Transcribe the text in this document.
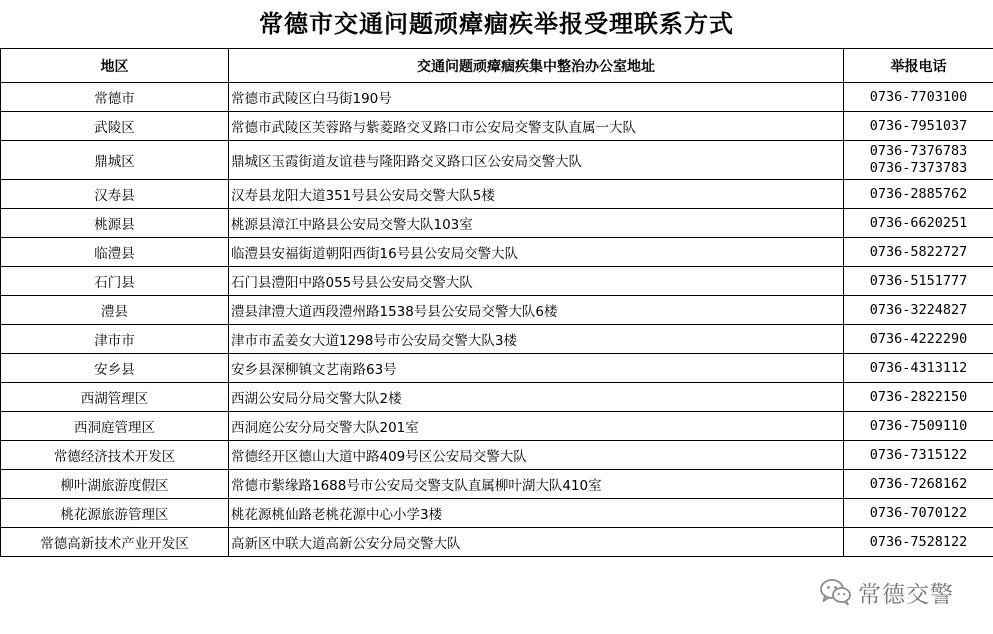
常德市交通问题顽瘴痼疾举报受理联系方式
地区	交通问题顽瘴痼疾集中整治办公室地址	举报电话
常德市	常德市武陵区白马街190号	0736-7703100

武陵区	常德市武陵区芙蓉路与紫菱路交叉路口市公安局交警支队直属一大队	0736-7951037

鼎城区	鼎城区玉霞街道友谊巷与隆阳路交叉路口区公安局交警大队	0736-7376783
0736-7373783

汉寿县	汉寿县龙阳大道351号县公安局交警大队5楼	0736-2885762

桃源县	桃源县漳江中路县公安局交警大队103室	0736-6620251

临澧县	临澧县安福街道朝阳西街16号县公安局交警大队	0736-5822727

石门县	石门县澧阳中路055号县公安局交警大队	0736-5151777

澧县	澧县津澧大道西段澧州路1538号县公安局交警大队6楼	0736-3224827

津市市	津市市孟姜女大道1298号市公安局交警大队3楼	0736-4222290

安乡县	安乡县深柳镇文艺南路63号	0736-4313112

西湖管理区	西湖公安局分局交警大队2楼	0736-2822150

西洞庭管理区	西洞庭公安分局交警大队201室	0736-7509110

常德经济技术开发区	常德经开区德山大道中路409号区公安局交警大队	0736-7315122

柳叶湖旅游度假区	常德市紫缘路1688号市公安局交警支队直属柳叶湖大队410室	0736-7268162

桃花源旅游管理区	桃花源桃仙路老桃花源中心小学3楼	0736-7070122

常德高新技术产业开发区	高新区中联大道高新公安分局交警大队	0736-7528122
常德交警
